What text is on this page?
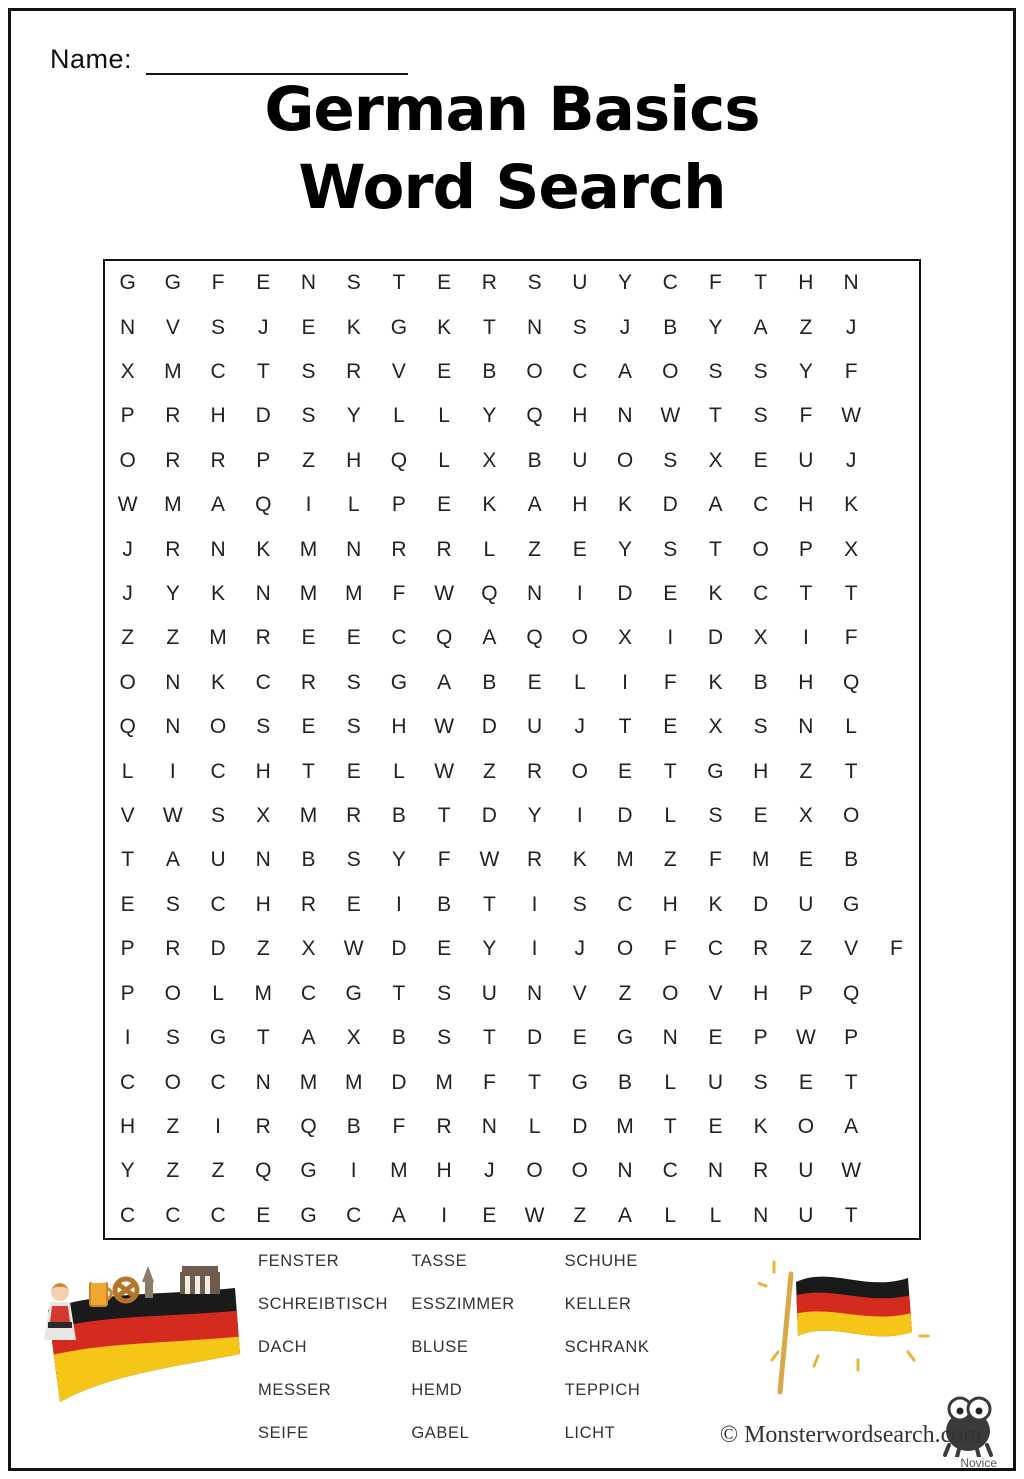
Name:
German Basics
Word Search
G	G	F	E	N	S	T	E	R	S	U	Y	C	F	T	H	N	
N	V	S	J	E	K	G	K	T	N	S	J	B	Y	A	Z	J	
X	M	C	T	S	R	V	E	B	O	C	A	O	S	S	Y	F	
P	R	H	D	S	Y	L	L	Y	Q	H	N	W	T	S	F	W	
O	R	R	P	Z	H	Q	L	X	B	U	O	S	X	E	U	J	
W	M	A	Q	I	L	P	E	K	A	H	K	D	A	C	H	K	
J	R	N	K	M	N	R	R	L	Z	E	Y	S	T	O	P	X	
J	Y	K	N	M	M	F	W	Q	N	I	D	E	K	C	T	T	
Z	Z	M	R	E	E	C	Q	A	Q	O	X	I	D	X	I	F	
O	N	K	C	R	S	G	A	B	E	L	I	F	K	B	H	Q	
Q	N	O	S	E	S	H	W	D	U	J	T	E	X	S	N	L	
L	I	C	H	T	E	L	W	Z	R	O	E	T	G	H	Z	T	
V	W	S	X	M	R	B	T	D	Y	I	D	L	S	E	X	O	
T	A	U	N	B	S	Y	F	W	R	K	M	Z	F	M	E	B	
E	S	C	H	R	E	I	B	T	I	S	C	H	K	D	U	G	
P	R	D	Z	X	W	D	E	Y	I	J	O	F	C	R	Z	V	F
P	O	L	M	C	G	T	S	U	N	V	Z	O	V	H	P	Q	
I	S	G	T	A	X	B	S	T	D	E	G	N	E	P	W	P	
C	O	C	N	M	M	D	M	F	T	G	B	L	U	S	E	T	
H	Z	I	R	Q	B	F	R	N	L	D	M	T	E	K	O	A	
Y	Z	Z	Q	G	I	M	H	J	O	O	N	C	N	R	U	W	
C	C	C	E	G	C	A	I	E	W	Z	A	L	L	N	U	T	
FENSTER
SCHREIBTISCH
DACH
MESSER
SEIFE
TASSE
ESSZIMMER
BLUSE
HEMD
GABEL
SCHUHE
KELLER
SCHRANK
TEPPICH
LICHT	© Monsterwordsearch.com
Novice
